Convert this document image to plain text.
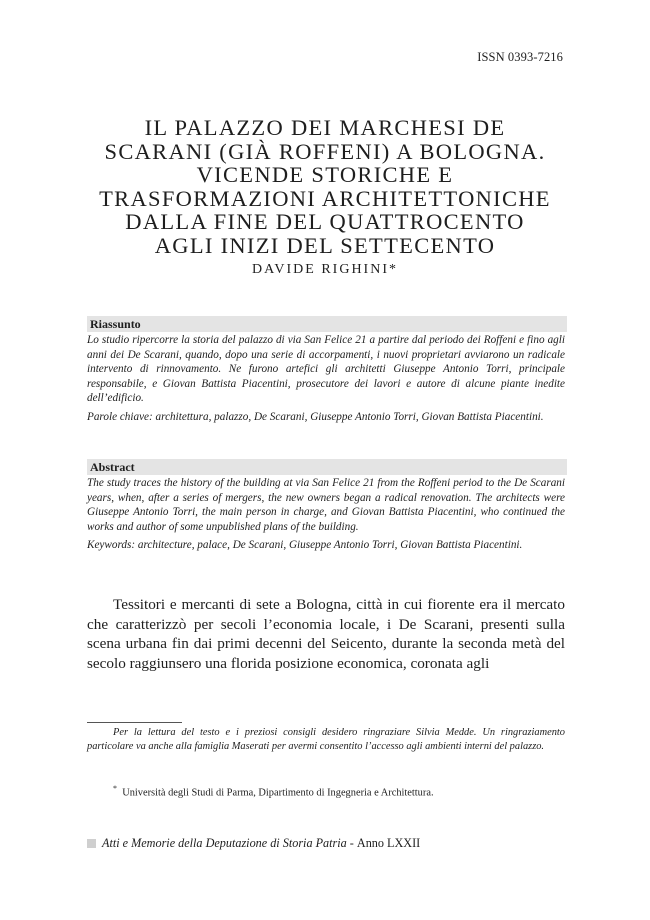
ISSN 0393-7216
IL PALAZZO DEI MARCHESI DE
SCARANI (GIÀ ROFFENI) A BOLOGNA.
VICENDE STORICHE E
TRASFORMAZIONI ARCHITETTONICHE
DALLA FINE DEL QUATTROCENTO
AGLI INIZI DEL SETTECENTO
DAVIDE RIGHINI*
Riassunto

Lo studio ripercorre la storia del palazzo di via San Felice 21 a partire dal periodo dei Roffeni e fino agli anni dei De Scarani, quando, dopo una serie di accorpamenti, i nuovi proprietari avviarono un radicale intervento di rinnovamento. Ne furono artefici gli architetti Giuseppe Antonio Torri, principale responsabile, e Giovan Battista Piacentini, prosecutore dei lavori e autore di alcune piante inedite dell’edificio.

Parole chiave: architettura, palazzo, De Scarani, Giuseppe Antonio Torri, Giovan Battista Piacentini.

Abstract

The study traces the history of the building at via San Felice 21 from the Roffeni period to the De Scarani years, when, after a series of mergers, the new owners began a radical renovation. The architects were Giuseppe Antonio Torri, the main person in charge, and Giovan Battista Piacentini, who continued the works and author of some unpublished plans of the building.

Keywords: architecture, palace, De Scarani, Giuseppe Antonio Torri, Giovan Battista Piacentini.

Tessitori e mercanti di sete a Bologna, città in cui fiorente era il mercato che caratterizzò per secoli l’economia locale, i De Scarani, presenti sulla scena urbana fin dai primi decenni del Seicento, durante la seconda metà del secolo raggiunsero una florida posizione economica, coronata agli

Per la lettura del testo e i preziosi consigli desidero ringraziare Silvia Medde. Un ringraziamento particolare va anche alla famiglia Maserati per avermi consentito l’accesso agli ambienti interni del palazzo.

* Università degli Studi di Parma, Dipartimento di Ingegneria e Architettura.

Atti e Memorie della Deputazione di Storia Patria - Anno LXXII
